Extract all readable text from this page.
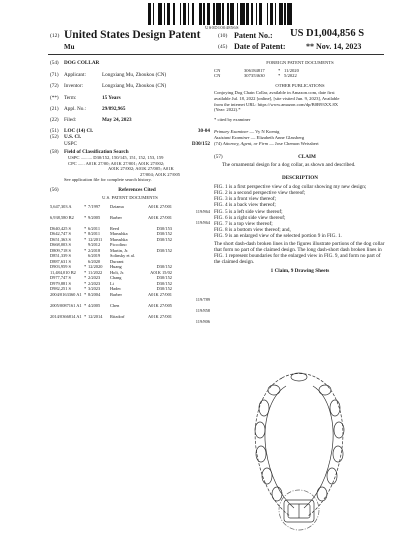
US0D1004856S
(12) United States Design Patent
Mu
(10) Patent No.: US D1,004,856 S
(45) Date of Patent:	** Nov. 14, 2023
(54)	DOG COLLAR
(71)	Applicant:	Longxiang Mu, Zhoukou (CN)
(72)	Inventor:	Longxiang Mu, Zhoukou (CN)
(**)	Term:	15 Years
(21)	Appl. No.:	29/892,965
(22)	Filed:	May 24, 2023
(51)	LOC (14) Cl.	30-04
(52)	U.S. Cl.
USPC	D30/152
(58)	Field of Classification Search
USPC .......... D30/152, 150/145, 151, 152, 153, 159
CPC ...... A01K 27/00; A01K 27/001; A01K 27/002;
A01K 27/002; A01K 27/005; A01K
27/004; A01K 27/005
See application file for complete search history.
(56)	References Cited
U.S. PATENT DOCUMENTS
5,647,303 A	* 7/1997	Dziama	A01K 27/001
119/864
6,938,580 B2	* 9/2005	Barber	A01K 27/001
119/864
D640,425 S	* 6/2011	Reed	D30/153
D642,747 S	* 8/2011	Marushka	D30/152
D651,363 S	* 12/2011	Marushka	D30/152
D668,003 S	9/2012	Piccolino
D809,718 S	* 2/2018	Martin, Jr.	D30/152
D851,339 S	6/2019	Solinsky et al.
D887,631 S	6/2020	Durrant
D903,959 S	* 12/2020	Huang	D30/152
11,484,010 B2	* 11/2022	Holt, Jr.	A01K 15/02
D977,747 S	* 2/2023	Chang	D30/152
D979,881 S	* 2/2023	Li	D30/152
D982,251 S	* 3/2023	Hadec	D30/152
2004/0163360 A1 * 8/2004	Barber	A01K 27/001
119/789
2005/0087161 A1 * 4/2005	Chen	A01K 27/005
119/858
2014/0366814 A1 * 12/2014	Ritzdorf	A01K 27/001
119/806
FOREIGN PATENT DOCUMENTS
CN	306184817	* 11/2020
CN	307353630	* 5/2022
OTHER PUBLICATIONS
Conjoying Dog Chain Collar, available in Amazon.com, date first
available Jul. 18, 2022 [online], [site visited Jun. 9, 2023], Available
from the internet URL: https://www.amazon.com/dp/B0B93XX.8X
(Year: 2022).*
* cited by examiner
Primary Examiner — Vy N Koenig
Assistant Examiner — Elizabeth Anne Glassberg
(74) Attorney, Agent, or Firm — Jose Chemon Weissbert
(57)	CLAIM
The ornamental design for a dog collar, as shown and described.
DESCRIPTION
FIG. 1 is a first perspective view of a dog collar showing my new design;
FIG. 2 is a second perspective view thereof;
FIG. 3 is a front view thereof;
FIG. 4 is a back view thereof;
FIG. 5 is a left side view thereof;
FIG. 6 is a right side view thereof;
FIG. 7 is a top view thereof;
FIG. 8 is a bottom view thereof; and,
FIG. 9 is an enlarged view of the selected portion 9 in FIG. 1.
The short dash-dash broken lines in the figures illustrate portions of the dog collar that form no part of the claimed design. The long dash-short dash broken lines in FIG. 1 represent boundaries for the enlarged view in FIG. 9, and form no part of the claimed design.
1 Claim, 9 Drawing Sheets
